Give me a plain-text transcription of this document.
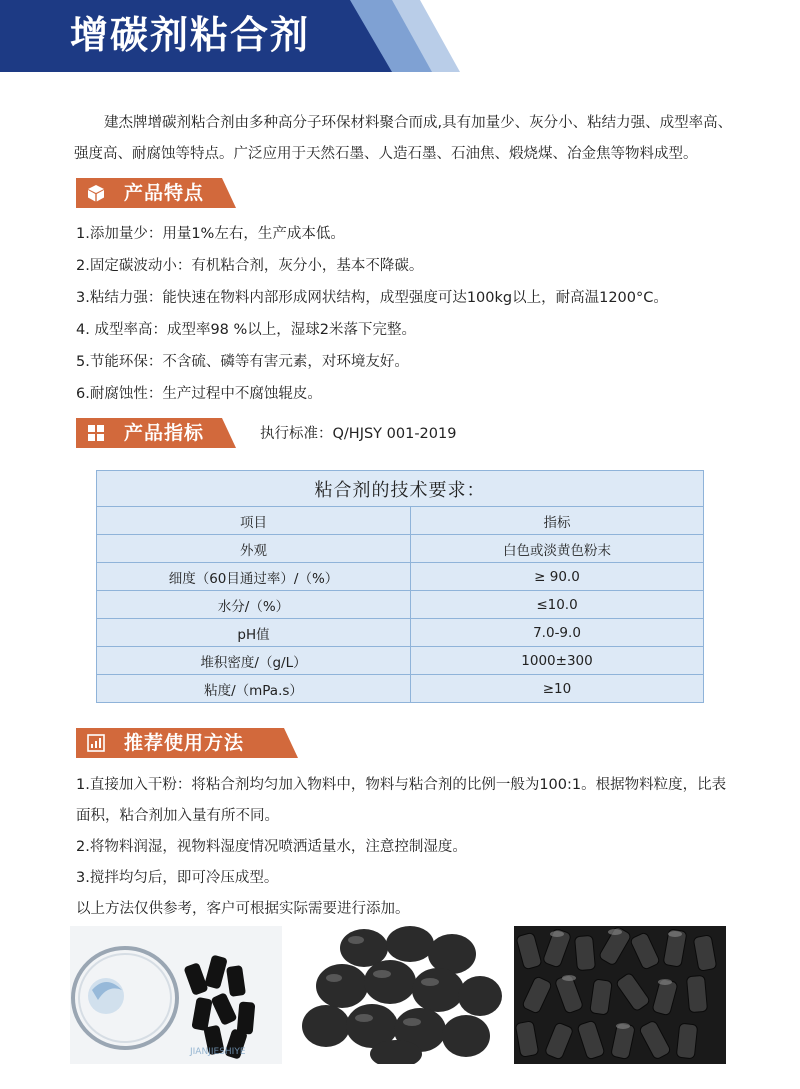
增碳剂粘合剂

建杰牌增碳剂粘合剂由多种高分子环保材料聚合而成,具有加量少、灰分小、粘结力强、成型率高、强度高、耐腐蚀等特点。广泛应用于天然石墨、人造石墨、石油焦、煅烧煤、冶金焦等物料成型。

产品特点
1.添加量少：用量1%左右，生产成本低。
2.固定碳波动小：有机粘合剂，灰分小，基本不降碳。
3.粘结力强：能快速在物料内部形成网状结构，成型强度可达100kg以上，耐高温1200°C。
4. 成型率高：成型率98 %以上，湿球2米落下完整。
5.节能环保：不含硫、磷等有害元素，对环境友好。
6.耐腐蚀性：生产过程中不腐蚀辊皮。
产品指标	执行标准：Q/HJSY 001-2019
粘合剂的技术要求：	
项目	指标
外观	白色或淡黄色粉末
细度（60目通过率）/（%）	≥ 90.0
水分/（%）	≤10.0
pH值	7.0-9.0
堆积密度/（g/L）	1000±300
粘度/（mPa.s）	≥10
推荐使用方法

1.直接加入干粉：将粘合剂均匀加入物料中，物料与粘合剂的比例一般为100:1。根据物料粒度，比表面积，粘合剂加入量有所不同。

2.将物料润湿，视物料湿度情况喷洒适量水，注意控制湿度。

3.搅拌均匀后，即可冷压成型。

以上方法仅供参考，客户可根据实际需要进行添加。

JIANJIESHIYE
